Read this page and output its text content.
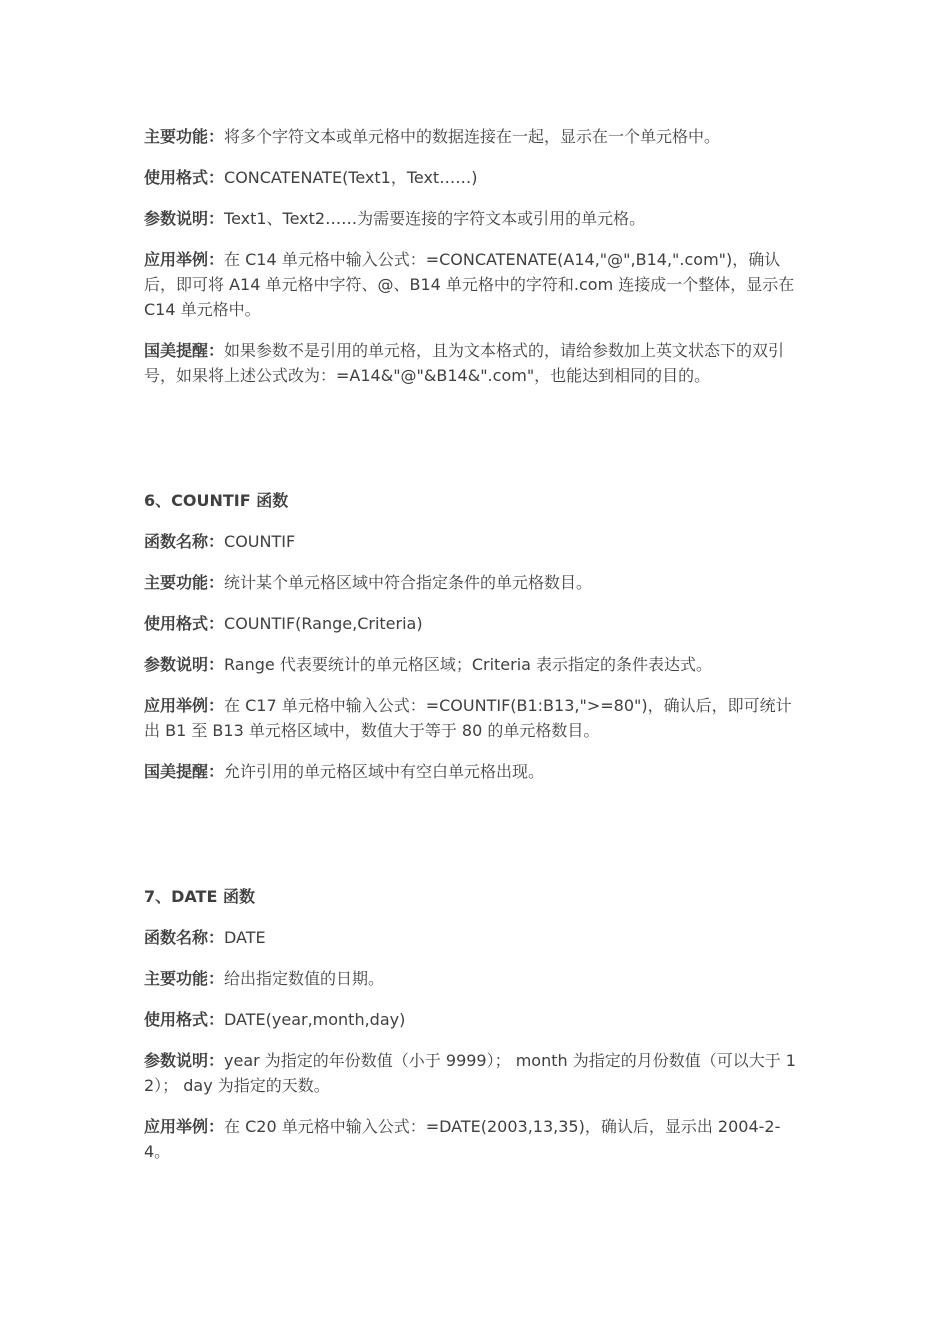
主要功能：将多个字符文本或单元格中的数据连接在一起，显示在一个单元格中。

使用格式：CONCATENATE(Text1，Text……)

参数说明：Text1、Text2……为需要连接的字符文本或引用的单元格。

应用举例：在 C14 单元格中输入公式：=CONCATENATE(A14,"@",B14,".com")，确认后，即可将 A14 单元格中字符、@、B14 单元格中的字符和.com 连接成一个整体，显示在 C14 单元格中。

国美提醒：如果参数不是引用的单元格，且为文本格式的，请给参数加上英文状态下的双引号，如果将上述公式改为：=A14&"@"&B14&".com"，也能达到相同的目的。

6、COUNTIF 函数

函数名称：COUNTIF

主要功能：统计某个单元格区域中符合指定条件的单元格数目。

使用格式：COUNTIF(Range,Criteria)

参数说明：Range 代表要统计的单元格区域；Criteria 表示指定的条件表达式。

应用举例：在 C17 单元格中输入公式：=COUNTIF(B1:B13,">=80")，确认后，即可统计出 B1 至 B13 单元格区域中，数值大于等于 80 的单元格数目。

国美提醒：允许引用的单元格区域中有空白单元格出现。

7、DATE 函数

函数名称：DATE

主要功能：给出指定数值的日期。

使用格式：DATE(year,month,day)

参数说明：year 为指定的年份数值（小于 9999）； month 为指定的月份数值（可以大于 12）； day 为指定的天数。

应用举例：在 C20 单元格中输入公式：=DATE(2003,13,35)，确认后，显示出 2004-2-4。
